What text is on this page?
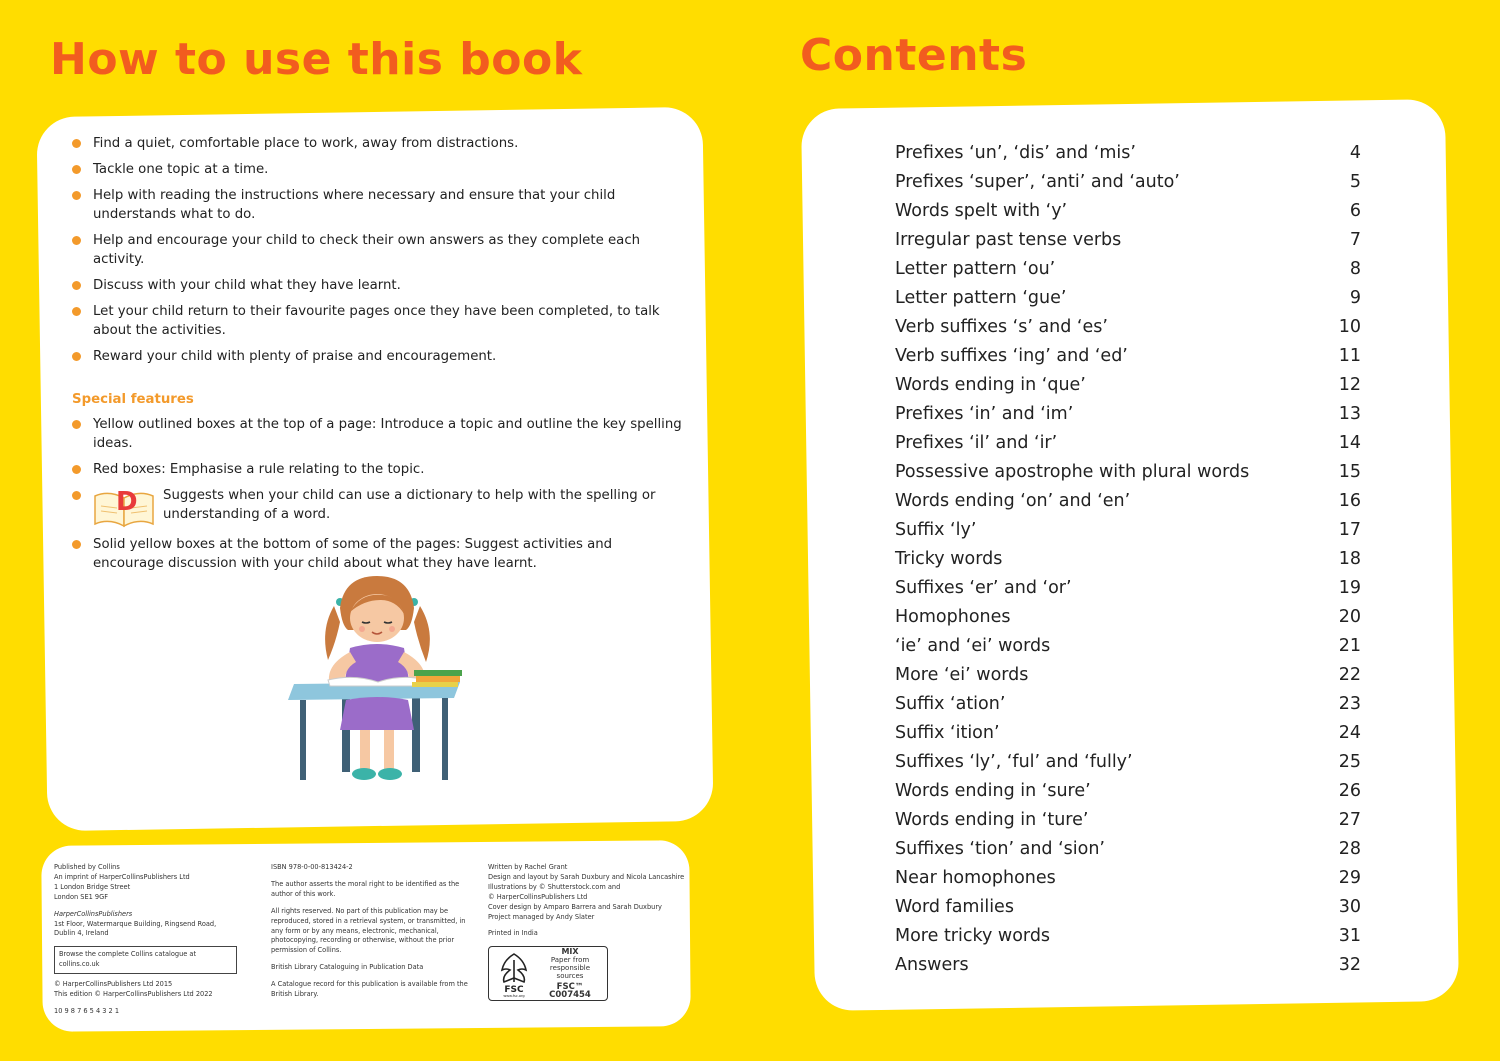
How to use this book
Find a quiet, comfortable place to work, away from distractions.
Tackle one topic at a time.
Help with reading the instructions where necessary and ensure that your child understands what to do.
Help and encourage your child to check their own answers as they complete each activity.
Discuss with your child what they have learnt.
Let your child return to their favourite pages once they have been completed, to talk about the activities.
Reward your child with plenty of praise and encouragement.
Special features
Yellow outlined boxes at the top of a page: Introduce a topic and outline the key spelling ideas.
Red boxes: Emphasise a rule relating to the topic.
D Suggests when your child can use a dictionary to help with the spelling or understanding of a word.
Solid yellow boxes at the bottom of some of the pages: Suggest activities and encourage discussion with your child about what they have learnt.

Published by Collins
An imprint of HarperCollinsPublishers Ltd
1 London Bridge Street
London SE1 9GF

HarperCollinsPublishers
1st Floor, Watermarque Building, Ringsend Road,
Dublin 4, Ireland

Browse the complete Collins catalogue at collins.co.uk

© HarperCollinsPublishers Ltd 2015
This edition © HarperCollinsPublishers Ltd 2022

10 9 8 7 6 5 4 3 2 1

ISBN 978-0-00-813424-2

The author asserts the moral right to be identified as the author of this work.

All rights reserved. No part of this publication may be reproduced, stored in a retrieval system, or transmitted, in any form or by any means, electronic, mechanical, photocopying, recording or otherwise, without the prior permission of Collins.

British Library Cataloguing in Publication Data

A Catalogue record for this publication is available from the British Library.

Written by Rachel Grant
Design and layout by Sarah Duxbury and Nicola Lancashire
Illustrations by © Shutterstock.com and
© HarperCollinsPublishers Ltd
Cover design by Amparo Barrera and Sarah Duxbury
Project managed by Andy Slater

Printed in India

FSC
www.fsc.org
MIX
Paper from
responsible sources
FSC™ C007454
Contents
Prefixes ‘un’, ‘dis’ and ‘mis’	4
Prefixes ‘super’, ‘anti’ and ‘auto’	5
Words spelt with ‘y’	6
Irregular past tense verbs	7
Letter pattern ‘ou’	8
Letter pattern ‘gue’	9
Verb suffixes ‘s’ and ‘es’	10
Verb suffixes ‘ing’ and ‘ed’	11
Words ending in ‘que’	12
Prefixes ‘in’ and ‘im’	13
Prefixes ‘il’ and ‘ir’	14
Possessive apostrophe with plural words	15
Words ending ‘on’ and ‘en’	16
Suffix ‘ly’	17
Tricky words	18
Suffixes ‘er’ and ‘or’	19
Homophones	20
‘ie’ and ‘ei’ words	21
More ‘ei’ words	22
Suffix ‘ation’	23
Suffix ‘ition’	24
Suffixes ‘ly’, ‘ful’ and ‘fully’	25
Words ending in ‘sure’	26
Words ending in ‘ture’	27
Suffixes ‘tion’ and ‘sion’	28
Near homophones	29
Word families	30
More tricky words	31
Answers	32
